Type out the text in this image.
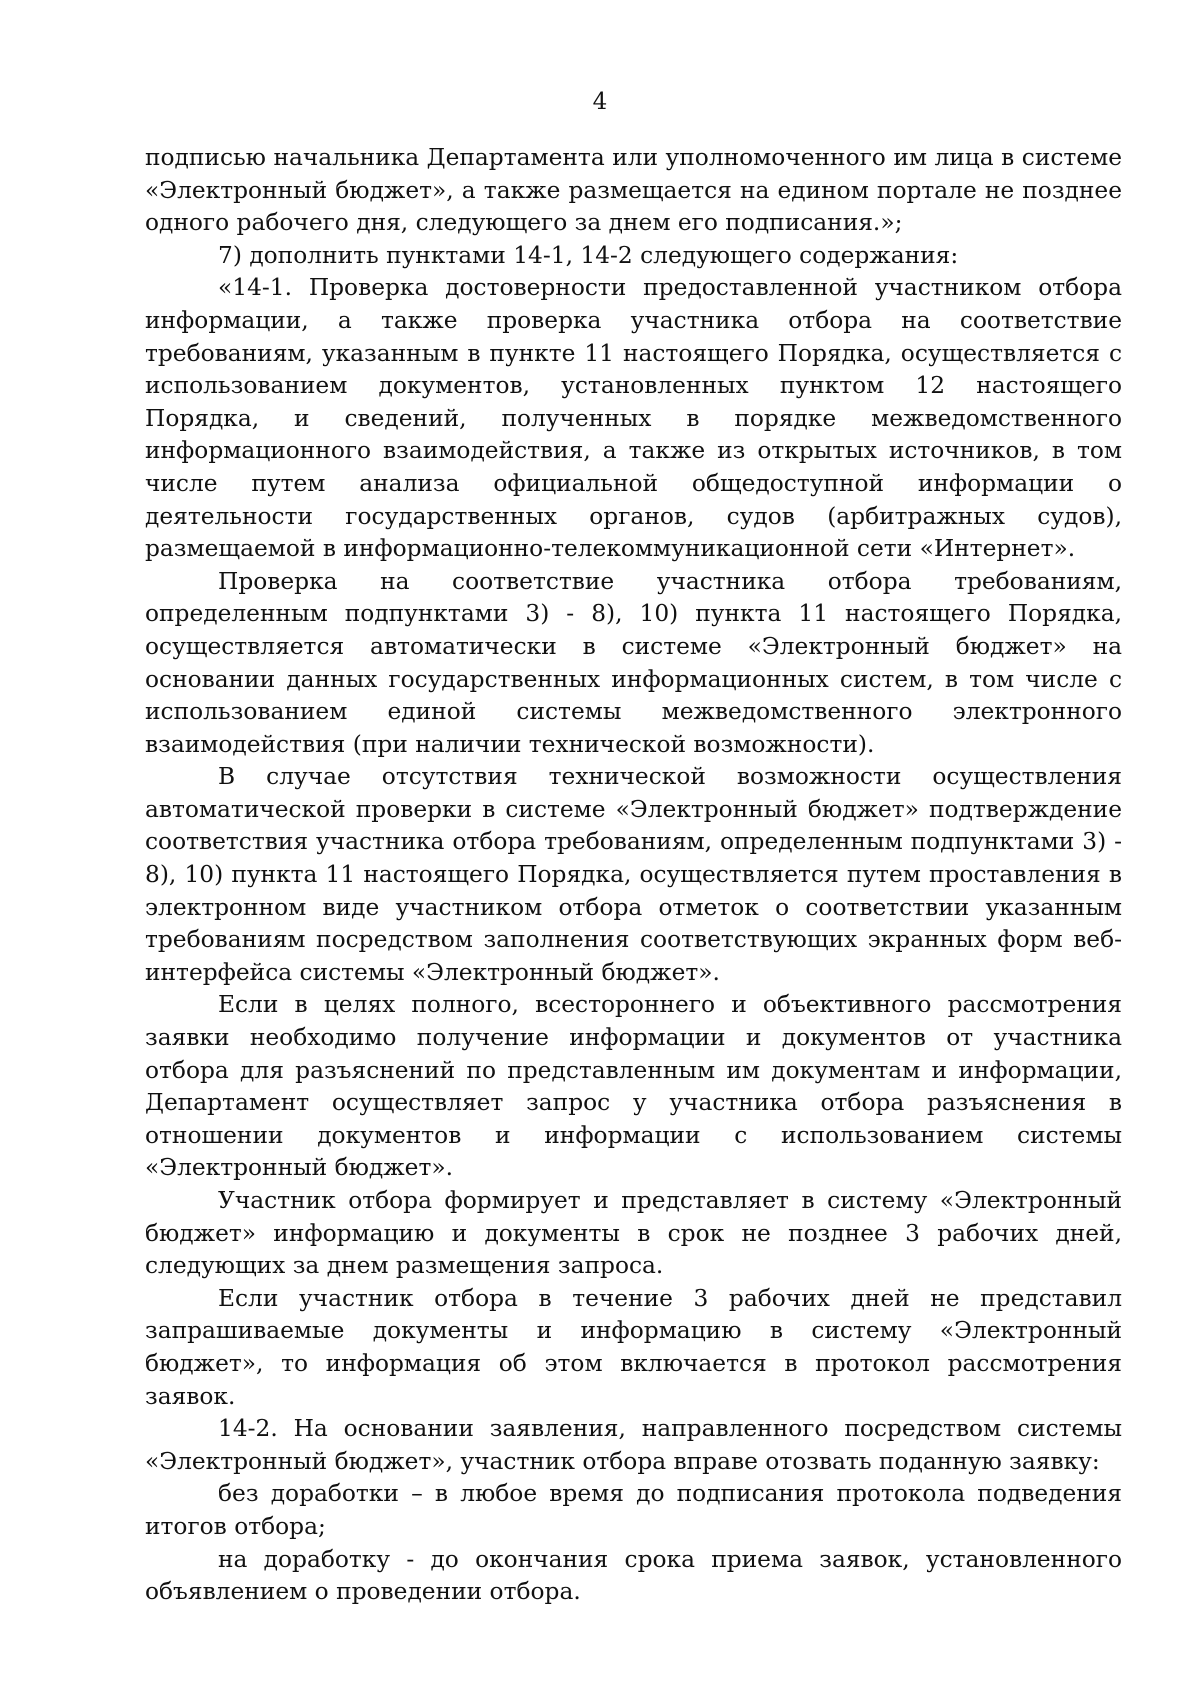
4

подписью начальника Департамента или уполномоченного им лица в системе «Электронный бюджет», а также размещается на едином портале не позднее одного рабочего дня, следующего за днем его подписания.»;

7) дополнить пунктами 14-1, 14-2 следующего содержания:

«14-1. Проверка достоверности предоставленной участником отбора информации, а также проверка участника отбора на соответствие требованиям, указанным в пункте 11 настоящего Порядка, осуществляется с использованием документов, установленных пунктом 12 настоящего Порядка, и сведений, полученных в порядке межведомственного информационного взаимодействия, а также из открытых источников, в том числе путем анализа официальной общедоступной информации о деятельности государственных органов, судов (арбитражных судов), размещаемой в информационно-телекоммуникационной сети «Интернет».

Проверка на соответствие участника отбора требованиям, определенным подпунктами 3) - 8), 10) пункта 11 настоящего Порядка, осуществляется автоматически в системе «Электронный бюджет» на основании данных государственных информационных систем, в том числе с использованием единой системы межведомственного электронного взаимодействия (при наличии технической возможности).

В случае отсутствия технической возможности осуществления автоматической проверки в системе «Электронный бюджет» подтверждение соответствия участника отбора требованиям, определенным подпунктами 3) - 8), 10) пункта 11 настоящего Порядка, осуществляется путем проставления в электронном виде участником отбора отметок о соответствии указанным требованиям посредством заполнения соответствующих экранных форм веб-интерфейса системы «Электронный бюджет».

Если в целях полного, всестороннего и объективного рассмотрения заявки необходимо получение информации и документов от участника отбора для разъяснений по представленным им документам и информации, Департамент осуществляет запрос у участника отбора разъяснения в отношении документов и информации с использованием системы «Электронный бюджет».

Участник отбора формирует и представляет в систему «Электронный бюджет» информацию и документы в срок не позднее 3 рабочих дней, следующих за днем размещения запроса.

Если участник отбора в течение 3 рабочих дней не представил запрашиваемые документы и информацию в систему «Электронный бюджет», то информация об этом включается в протокол рассмотрения заявок.

14-2. На основании заявления, направленного посредством системы «Электронный бюджет», участник отбора вправе отозвать поданную заявку:

без доработки – в любое время до подписания протокола подведения итогов отбора;

на доработку - до окончания срока приема заявок, установленного объявлением о проведении отбора.
